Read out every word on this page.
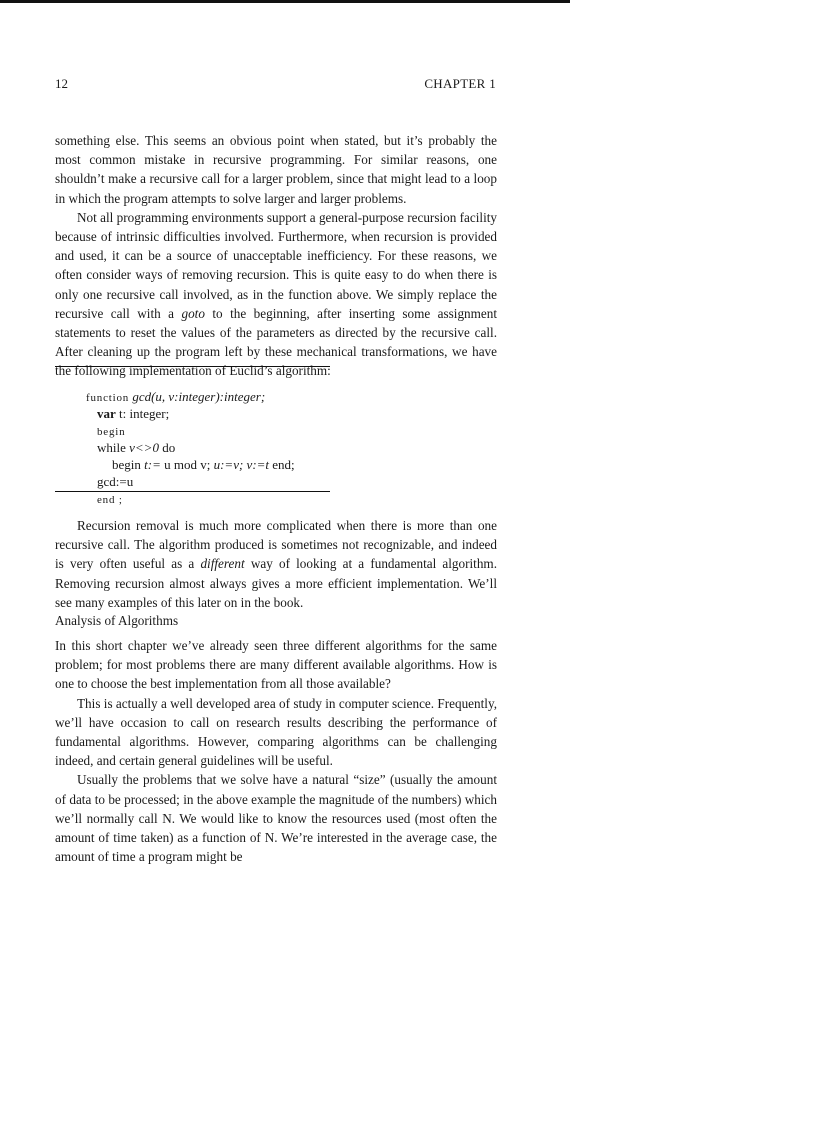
12	CHAPTER 1

something else. This seems an obvious point when stated, but it’s probably the most common mistake in recursive programming. For similar reasons, one shouldn’t make a recursive call for a larger problem, since that might lead to a loop in which the program attempts to solve larger and larger problems.

Not all programming environments support a general-purpose recursion facility because of intrinsic difficulties involved. Furthermore, when recursion is provided and used, it can be a source of unacceptable inefficiency. For these reasons, we often consider ways of removing recursion. This is quite easy to do when there is only one recursive call involved, as in the function above. We simply replace the recursive call with a goto to the beginning, after inserting some assignment statements to reset the values of the parameters as directed by the recursive call. After cleaning up the program left by these mechanical transformations, we have the following implementation of Euclid’s algorithm:

function gcd(u, v:integer):integer;

var t: integer;

begin

while v<>0 do

begin t:= u mod v; u:=v; v:=t end;

gcd:=u

end ;

Recursion removal is much more complicated when there is more than one recursive call. The algorithm produced is sometimes not recognizable, and indeed is very often useful as a different way of looking at a fundamental algorithm. Removing recursion almost always gives a more efficient implementation. We’ll see many examples of this later on in the book.

Analysis of Algorithms

In this short chapter we’ve already seen three different algorithms for the same problem; for most problems there are many different available algorithms. How is one to choose the best implementation from all those available?

This is actually a well developed area of study in computer science. Frequently, we’ll have occasion to call on research results describing the performance of fundamental algorithms. However, comparing algorithms can be challenging indeed, and certain general guidelines will be useful.

Usually the problems that we solve have a natural “size” (usually the amount of data to be processed; in the above example the magnitude of the numbers) which we’ll normally call N. We would like to know the resources used (most often the amount of time taken) as a function of N. We’re interested in the average case, the amount of time a program might be
